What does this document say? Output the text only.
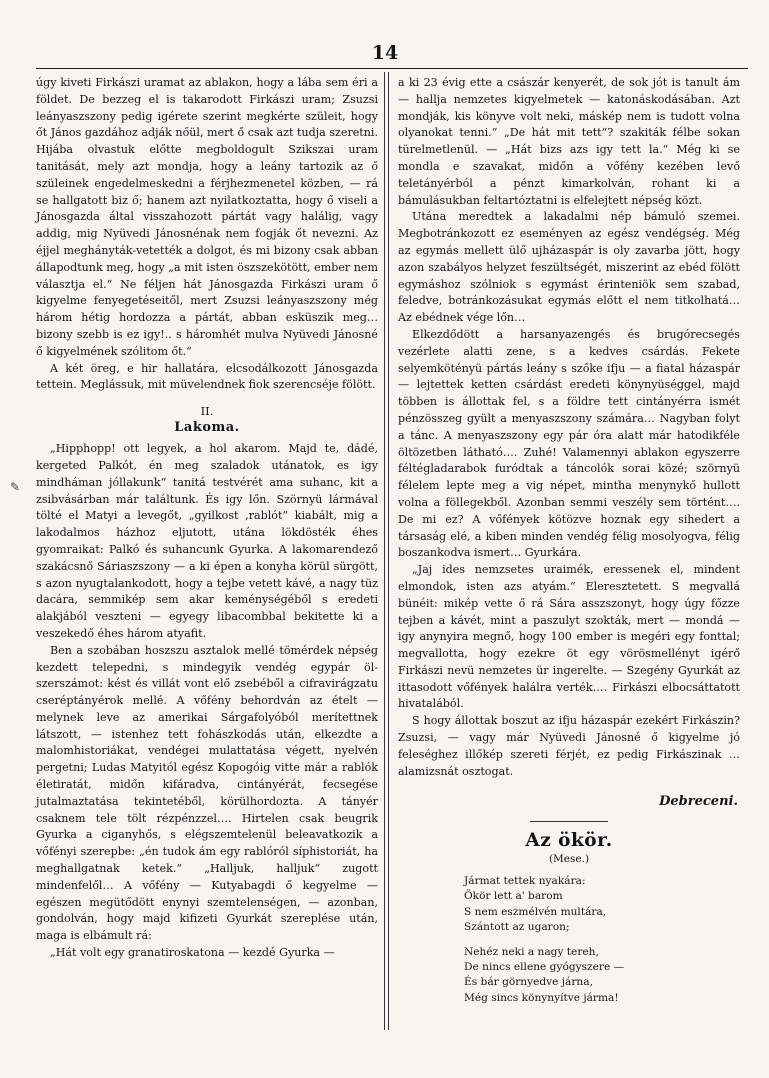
14
✎

úgy kiveti Firkászi uramat az ablakon, hogy a lába sem éri a földet. De bezzeg el is takarodott Firkászi uram; Zsuzsi leányaszszony pedig igérete szerint megkérte szüleit, hogy őt János gazdához adják nőül, mert ő csak azt tudja szeretni. Hijába olvastuk előtte megboldogult Szikszai uram tanitását, mely azt mondja, hogy a leány tartozik az ő szüleinek engedelmeskedni a férjhezmenetel közben, — rá se hallgatott biz ő; hanem azt nyilatkoztatta, hogy ő viseli a Jánosgazda által visszahozott pártát vagy halálig, vagy addig, mig Nyüvedi Jánosnénak nem fogják őt nevezni. Az éjjel meghányták-vetették a dolgot, és mi bizony csak abban állapodtunk meg, hogy „a mit isten öszszekötött, ember nem választja el.“ Ne féljen hát Jánosgazda Firkászi uram ő kigyelme fenyegetéseitől, mert Zsuzsi leányaszszony még három hétig hordozza a pártát, abban esküszik meg… bizony szebb is ez igy!.. s háromhét mulva Nyüvedi Jánosné ő kigyelmének szólitom őt.“

A két öreg, e hir hallatára, elcsodálkozott Jánosgazda tettein. Meglássuk, mit müvelendnek fiok szerencséje fölött.

II.
Lakoma.

„Hipphopp! ott legyek, a hol akarom. Majd te, dádé, kergeted Palkót, én meg szaladok utánatok, es igy mindháman jóllakunk“ tanitá testvérét ama suhanc, kit a zsibvásárban már találtunk. És igy lőn. Szörnyü lármával tölté el Matyi a levegőt, „gyilkost ,rablót“ kiabált, mig a lakodalmos házhoz eljutott, utána lökdösték éhes gyomraikat: Palkó és suhancunk Gyurka. A lakomarendező szakácsnő Sáriaszszony — a ki épen a konyha körül sürgött, s azon nyugtalankodott, hogy a tejbe vetett kávé, a nagy tüz dacára, semmikép sem akar keménységéből s eredeti alakjából veszteni — egyegy libacombbal bekitette ki a veszekedő éhes három atyafit.

Ben a szobában hoszszu asztalok mellé tömérdek népség kezdett telepedni, s mindegyik vendég egypár öl-szerszámot: kést és villát vont elő zsebéből a cifravirágzatu cseréptányérok mellé. A vőfény behordván az ételt — melynek leve az amerikai Sárgafolyóból merítettnek látszott, — istenhez tett fohászkodás után, elkezdte a malomhistoriákat, vendégei mulattatása végett, nyelvén pergetni; Ludas Matyitól egész Kopogóig vitte már a rablók életiratát, midőn kifáradva, cintányérát, fecsegése jutalmaztatása tekintetéből, körülhordozta. A tányér csaknem tele tölt rézpénzzel…. Hirtelen csak beugrik Gyurka a ciganyhős, s elégszemtelenül beleavatkozik a vőfényi szerepbe: „én tudok ám egy rablóról síphistoriát, ha meghallgatnak ketek.“ „Halljuk, halljuk“ zugott mindenfelől… A vőfény — Kutyabagdi ő kegyelme — egészen megütődött enynyi szemtelenségen, — azonban, gondolván, hogy majd kifizeti Gyurkát szereplése után, maga is elbámult rá:

„Hát volt egy granatiroskatona — kezdé Gyurka —

a ki 23 évig ette a császár kenyerét, de sok jót is tanult ám — hallja nemzetes kigyelmetek — katonáskodásában. Azt mondják, kis könyve volt neki, máskép nem is tudott volna olyanokat tenni.“ „De hát mit tett“? szakiták félbe sokan türelmetlenül. — „Hát bizs azs igy tett la.“ Még ki se mondla e szavakat, midőn a vőfény kezében levő teletányérból a pénzt kimarkolván, rohant ki a bámulásukban feltartóztatni is elfelejtett népség közt.

Utána meredtek a lakadalmi nép bámuló szemei. Megbotránkozott ez eseményen az egész vendégség. Még az egymás mellett ülő ujházaspár is oly zavarba jött, hogy azon szabályos helyzet feszültségét, miszerint az ebéd fölött egymáshoz szólniok s egymást érinteniök sem szabad, feledve, botránkozásukat egymás előtt el nem titkolhatá… Az ebédnek vége lőn…

Elkezdődött a harsanyazengés és brugórecsegés vezérlete alatti zene, s a kedves csárdás. Fekete selyemkötényü pártás leány s szőke ifju — a fiatal házaspár — lejtettek ketten csárdást eredeti könynyüséggel, majd többen is állottak fel, s a földre tett cintányérra ismét pénzösszeg gyült a menyaszszony számára… Nagyban folyt a tánc. A menyaszszony egy pár óra alatt már hatodikféle öltözetben látható…. Zuhé! Valamennyi ablakon egyszerre féltégladarabok furódtak a táncolók sorai közé; szörnyü félelem lepte meg a vig népet, mintha menynykő hullott volna a föllegekből. Azonban semmi veszély sem történt…. De mi ez? A vőfények kötözve hoznak egy sihedert a társaság elé, a kiben minden vendég félig mosolyogva, félig boszankodva ismert… Gyurkára.

„Jaj ides nemzsetes uraimék, eressenek el, mindent elmondok, isten azs atyám.“ Eleresztetett. S megvallá bünéit: mikép vette ő rá Sára asszszonyt, hogy úgy főzze tejben a kávét, mint a paszulyt szokták, mert — mondá — igy anynyira megnő, hogy 100 ember is megéri egy fonttal; megvallotta, hogy ezekre öt egy vörösmellényt igérő Firkászi nevü nemzetes ür ingerelte. — Szegény Gyurkát az ittasodott vőfények halálra verték…. Firkászi elbocsáttatott hivatalából.

S hogy állottak boszut az ifju házaspár ezekért Firkászin? Zsuzsi, — vagy már Nyüvedi Jánosné ő kigyelme jó feleséghez illőkép szereti férjét, ez pedig Firkászinak … alamizsnát osztogat.

Debreceni.
Az ökör.
(Mese.)
Jármat tettek nyakára:
Ökör lett a' barom
S nem eszmélvén multára,
Szántott az ugaron;
Nehéz neki a nagy tereh,
De nincs ellene gyógyszere —
És bár görnyedve járna,
Még sincs könynyítve járma!
